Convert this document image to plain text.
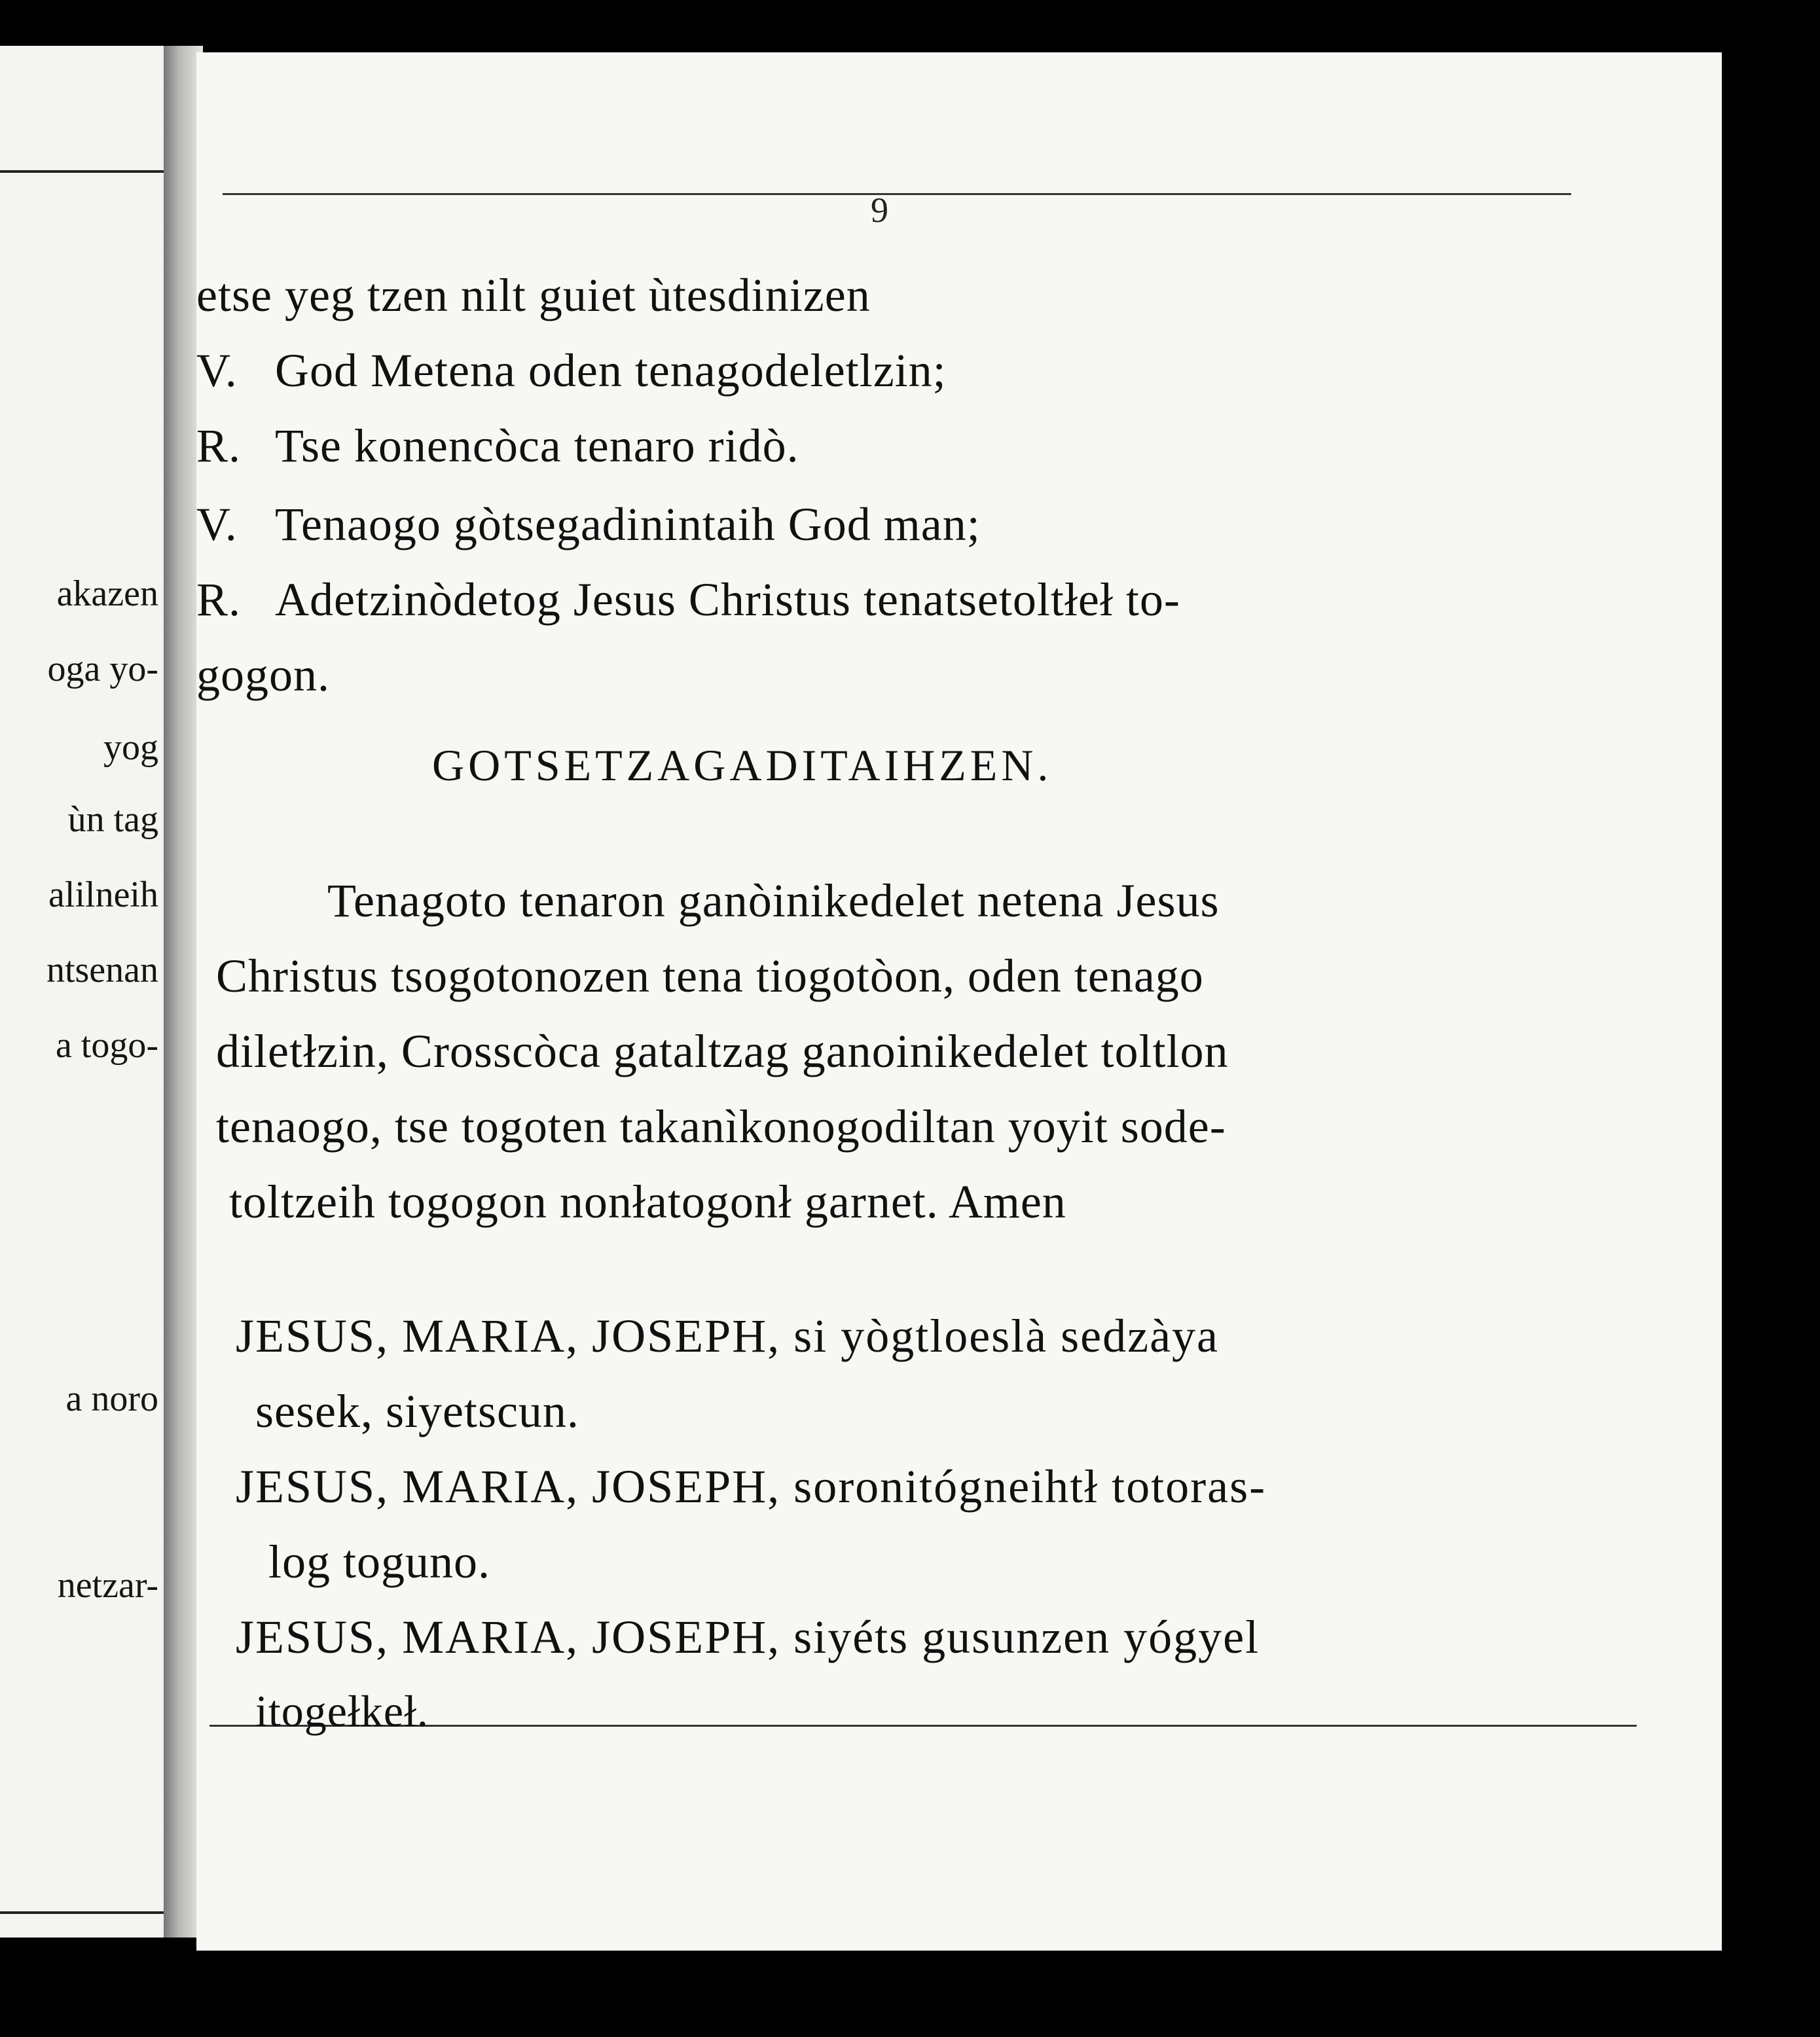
akazen
oga yo-
yog
ùn tag
alilneih
ntsenan
a togo-
a noro
netzar-
9
etse yeg tzen nilt guiet ùtesdinizen
V. God Metena oden tenagodeletlzin;
R. Tse konencòca tenaro ridò.
V. Tenaogo gòtsegadinintaih God man;
R. Adetzinòdetog Jesus Christus tenatsetoltłeł to-
gogon.
GOTSETZAGADITAIHZEN.
Tenagoto tenaron ganòinikedelet netena Jesus
Christus tsogotonozen tena tiogotòon, oden tenago
diletłzin, Crosscòca gataltzag ganoinikedelet toltlon
tenaogo, tse togoten takanìkonogodiltan yoyit sode-
toltzeih togogon nonłatogonł garnet. Amen
JESUS, MARIA, JOSEPH, si yògtloeslà sedzàya
sesek, siyetscun.
JESUS, MARIA, JOSEPH, soronitógneihtł totoras-
log toguno.
JESUS, MARIA, JOSEPH, siyéts gusunzen yógyel
itogełkeł.
